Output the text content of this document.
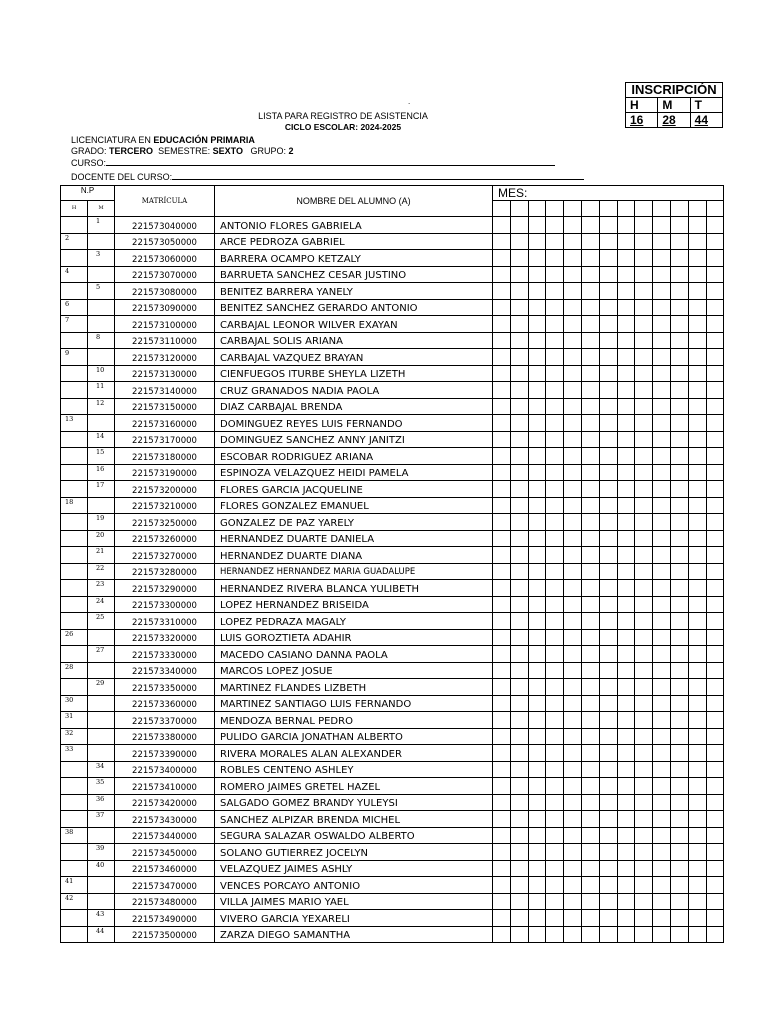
.
LISTA PARA REGISTRO DE ASISTENCIA
CICLO ESCOLAR: 2024-2025
LICENCIATURA EN EDUCACIÓN PRIMARIA
GRADO: TERCERO SEMESTRE: SEXTO GRUPO: 2
CURSO:
DOCENTE DEL CURSO:
INSCRIPCIÓN		
H	M	T
16	28	44
N.P		MATRÍCULA	NOMBRE DEL ALUMNO (A)	MES:												
H	M															
	1	221573040000	ANTONIO FLORES GABRIELA													
2		221573050000	ARCE PEDROZA GABRIEL													
	3	221573060000	BARRERA OCAMPO KETZALY													
4		221573070000	BARRUETA SANCHEZ CESAR JUSTINO													
	5	221573080000	BENITEZ BARRERA YANELY													
6		221573090000	BENITEZ SANCHEZ GERARDO ANTONIO													
7		221573100000	CARBAJAL LEONOR WILVER EXAYAN													
	8	221573110000	CARBAJAL SOLIS ARIANA													
9		221573120000	CARBAJAL VAZQUEZ BRAYAN													
	10	221573130000	CIENFUEGOS ITURBE SHEYLA LIZETH													
	11	221573140000	CRUZ GRANADOS NADIA PAOLA													
	12	221573150000	DIAZ CARBAJAL BRENDA													
13		221573160000	DOMINGUEZ REYES LUIS FERNANDO													
	14	221573170000	DOMINGUEZ SANCHEZ ANNY JANITZI													
	15	221573180000	ESCOBAR RODRIGUEZ ARIANA													
	16	221573190000	ESPINOZA VELAZQUEZ HEIDI PAMELA													
	17	221573200000	FLORES GARCIA JACQUELINE													
18		221573210000	FLORES GONZALEZ EMANUEL													
	19	221573250000	GONZALEZ DE PAZ YARELY													
	20	221573260000	HERNANDEZ DUARTE DANIELA													
	21	221573270000	HERNANDEZ DUARTE DIANA													
	22	221573280000	HERNANDEZ HERNANDEZ MARIA GUADALUPE													
	23	221573290000	HERNANDEZ RIVERA BLANCA YULIBETH													
	24	221573300000	LOPEZ HERNANDEZ BRISEIDA													
	25	221573310000	LOPEZ PEDRAZA MAGALY													
26		221573320000	LUIS GOROZTIETA ADAHIR													
	27	221573330000	MACEDO CASIANO DANNA PAOLA													
28		221573340000	MARCOS LOPEZ JOSUE													
	29	221573350000	MARTINEZ FLANDES LIZBETH													
30		221573360000	MARTINEZ SANTIAGO LUIS FERNANDO													
31		221573370000	MENDOZA BERNAL PEDRO													
32		221573380000	PULIDO GARCIA JONATHAN ALBERTO													
33		221573390000	RIVERA MORALES ALAN ALEXANDER													
	34	221573400000	ROBLES CENTENO ASHLEY													
	35	221573410000	ROMERO JAIMES GRETEL HAZEL													
	36	221573420000	SALGADO GOMEZ BRANDY YULEYSI													
	37	221573430000	SANCHEZ ALPIZAR BRENDA MICHEL													
38		221573440000	SEGURA SALAZAR OSWALDO ALBERTO													
	39	221573450000	SOLANO GUTIERREZ JOCELYN													
	40	221573460000	VELAZQUEZ JAIMES ASHLY													
41		221573470000	VENCES PORCAYO ANTONIO													
42		221573480000	VILLA JAIMES MARIO YAEL													
	43	221573490000	VIVERO GARCIA YEXARELI													
	44	221573500000	ZARZA DIEGO SAMANTHA													
